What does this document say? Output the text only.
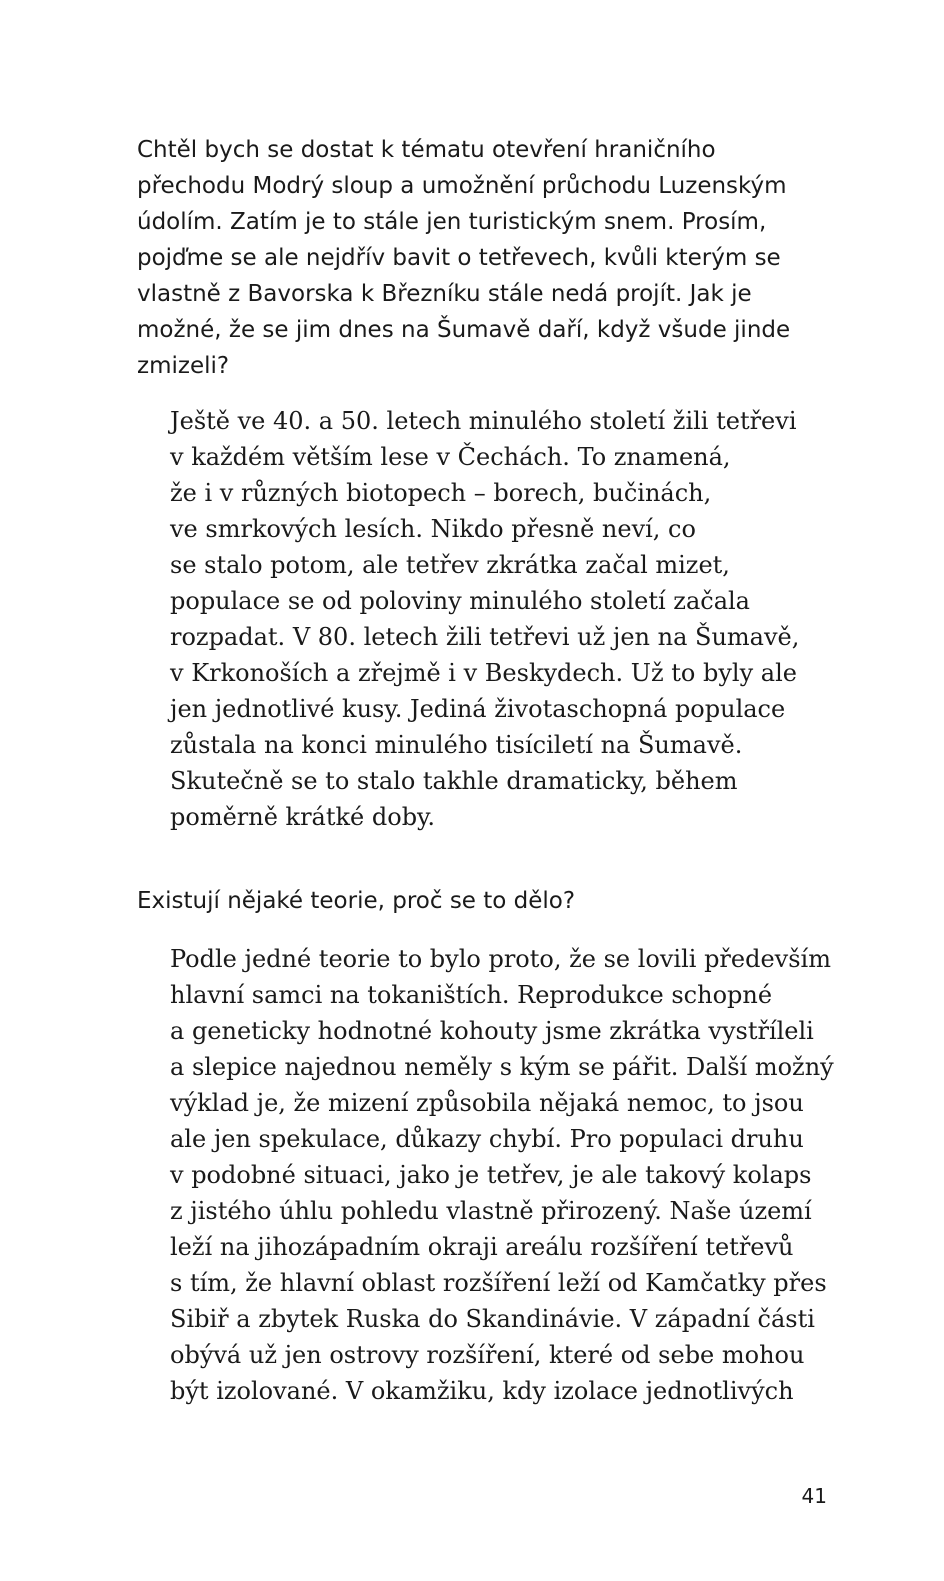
Chtěl bych se dostat k tématu otevření hraničního
přechodu Modrý sloup a umožnění průchodu Luzenským
údolím. Zatím je to stále jen turistickým snem. Prosím,
pojďme se ale nejdřív bavit o tetřevech, kvůli kterým se
vlastně z Bavorska k Březníku stále nedá projít. Jak je
možné, že se jim dnes na Šumavě daří, když všude jinde
zmizeli?
Ještě ve 40. a 50. letech minulého století žili tetřevi
v každém větším lese v Čechách. To znamená,
že i v různých biotopech – borech, bučinách,
ve smrkových lesích. Nikdo přesně neví, co
se stalo potom, ale tetřev zkrátka začal mizet,
populace se od poloviny minulého století začala
rozpadat. V 80. letech žili tetřevi už jen na Šumavě,
v Krkonoších a zřejmě i v Beskydech. Už to byly ale
jen jednotlivé kusy. Jediná životaschopná populace
zůstala na konci minulého tisíciletí na Šumavě.
Skutečně se to stalo takhle dramaticky, během
poměrně krátké doby.
Existují nějaké teorie, proč se to dělo?
Podle jedné teorie to bylo proto, že se lovili především
hlavní samci na tokaništích. Reprodukce schopné
a geneticky hodnotné kohouty jsme zkrátka vystříleli
a slepice najednou neměly s kým se pářit. Další možný
výklad je, že mizení způsobila nějaká nemoc, to jsou
ale jen spekulace, důkazy chybí. Pro populaci druhu
v podobné situaci, jako je tetřev, je ale takový kolaps
z jistého úhlu pohledu vlastně přirozený. Naše území
leží na jihozápadním okraji areálu rozšíření tetřevů
s tím, že hlavní oblast rozšíření leží od Kamčatky přes
Sibiř a zbytek Ruska do Skandinávie. V západní části
obývá už jen ostrovy rozšíření, které od sebe mohou
být izolované. V okamžiku, kdy izolace jednotlivých
41
